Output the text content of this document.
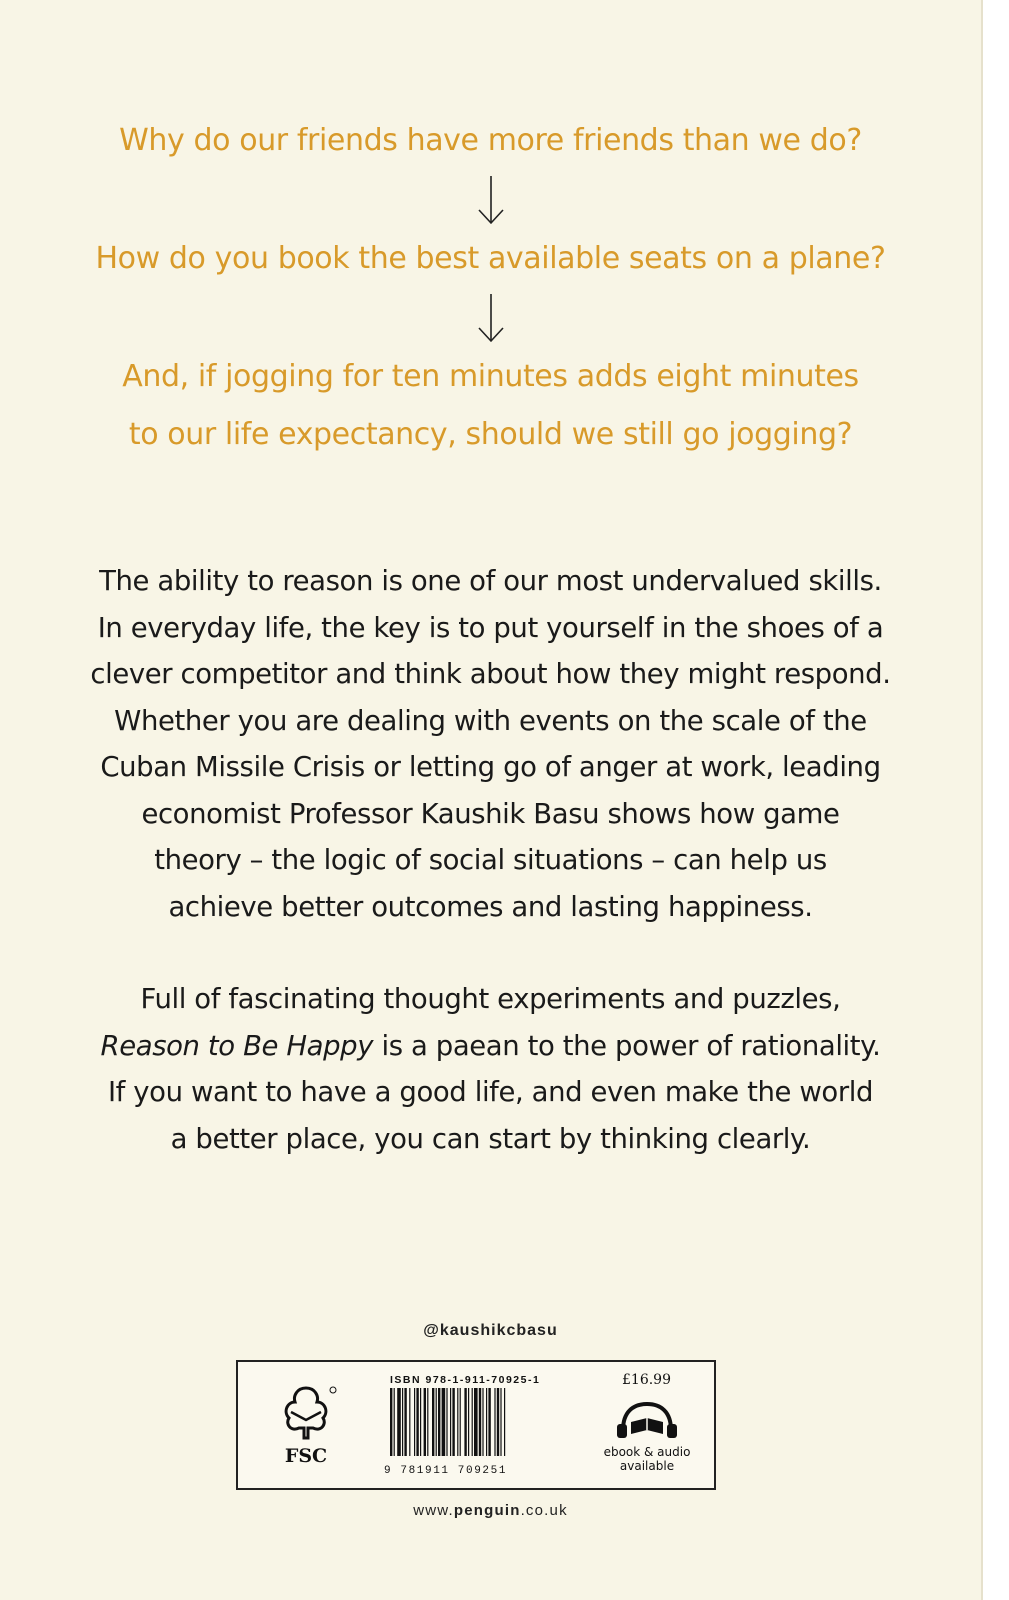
Why do our friends have more friends than we do?

How do you book the best available seats on a plane?

And, if jogging for ten minutes adds eight minutes

to our life expectancy, should we still go jogging?

The ability to reason is one of our most undervalued skills.

In everyday life, the key is to put yourself in the shoes of a

clever competitor and think about how they might respond.

Whether you are dealing with events on the scale of the

Cuban Missile Crisis or letting go of anger at work, leading

economist Professor Kaushik Basu shows how game

theory – the logic of social situations – can help us

achieve better outcomes and lasting happiness.

Full of fascinating thought experiments and puzzles,

Reason to Be Happy is a paean to the power of rationality.

If you want to have a good life, and even make the world

a better place, you can start by thinking clearly.

@kaushikcbasu
FSC
ISBN 978-1-911-70925-1
9 781911 709251
£16.99
ebook & audio
available
www.penguin.co.uk
